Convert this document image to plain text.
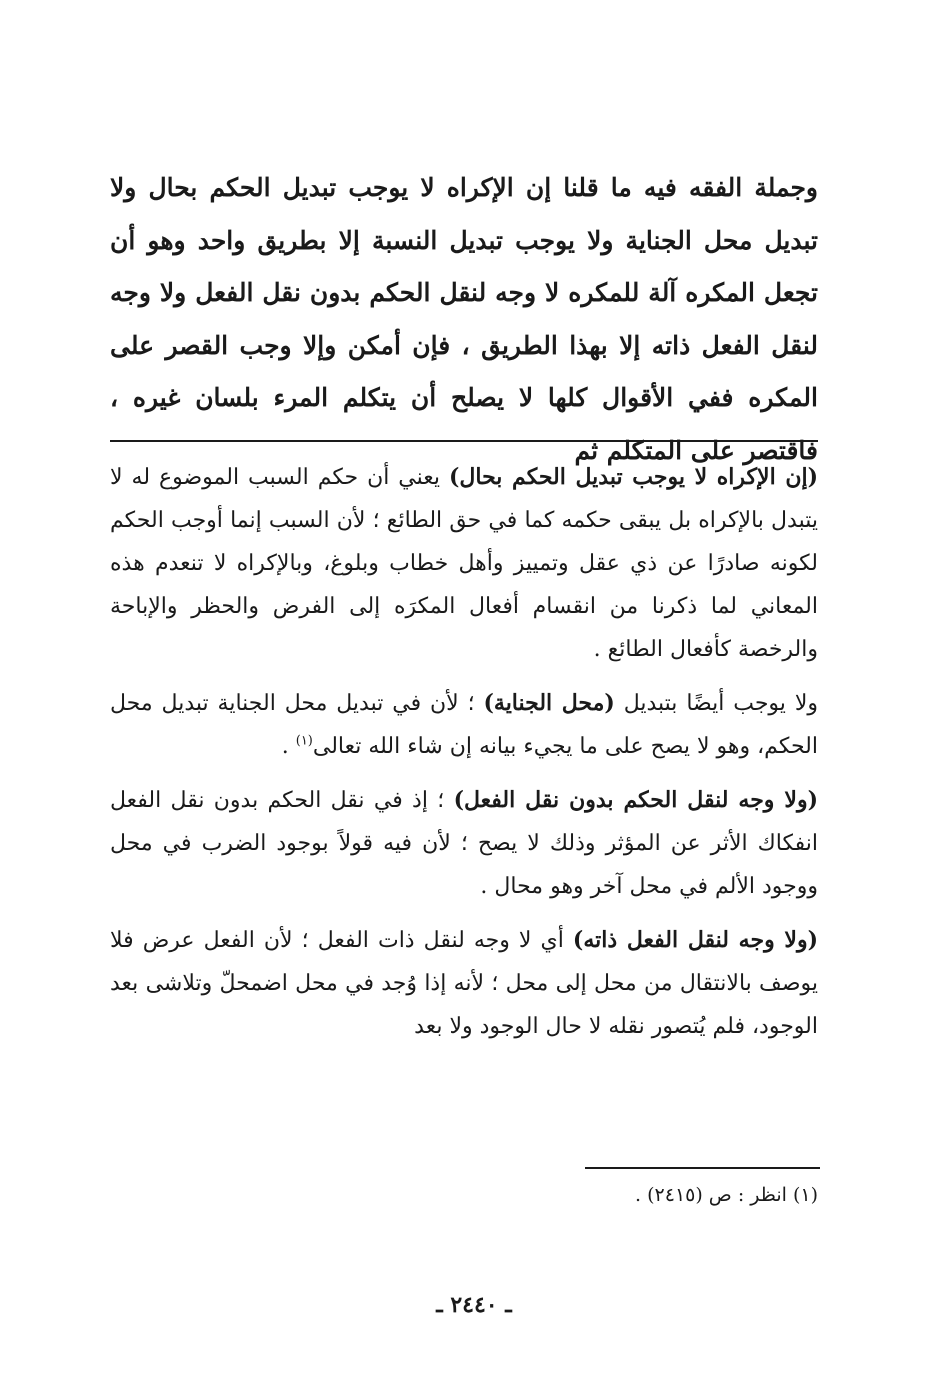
وجملة الفقه فيه ما قلنا إن الإكراه لا يوجب تبديل الحكم بحال ولا تبديل محل الجناية ولا يوجب تبديل النسبة إلا بطريق واحد وهو أن تجعل المكره آلة للمكره لا وجه لنقل الحكم بدون نقل الفعل ولا وجه لنقل الفعل ذاته إلا بهذا الطريق ، فإن أمكن وإلا وجب القصر على المكره ففي الأقوال كلها لا يصلح أن يتكلم المرء بلسان غيره ، فاقتصر على المتكلم ثم

(إن الإكراه لا يوجب تبديل الحكم بحال) يعني أن حكم السبب الموضوع له لا يتبدل بالإكراه بل يبقى حكمه كما في حق الطائع ؛ لأن السبب إنما أوجب الحكم لكونه صادرًا عن ذي عقل وتمييز وأهل خطاب وبلوغ، وبالإكراه لا تنعدم هذه المعاني لما ذكرنا من انقسام أفعال المكرَه إلى الفرض والحظر والإباحة والرخصة كأفعال الطائع .

ولا يوجب أيضًا بتبديل (محل الجناية) ؛ لأن في تبديل محل الجناية تبديل محل الحكم، وهو لا يصح على ما يجيء بيانه إن شاء الله تعالى$^{(١)}$ .

(ولا وجه لنقل الحكم بدون نقل الفعل) ؛ إذ في نقل الحكم بدون نقل الفعل انفكاك الأثر عن المؤثر وذلك لا يصح ؛ لأن فيه قولاً بوجود الضرب في محل ووجود الألم في محل آخر وهو محال .

(ولا وجه لنقل الفعل ذاته) أي لا وجه لنقل ذات الفعل ؛ لأن الفعل عرض فلا يوصف بالانتقال من محل إلى محل ؛ لأنه إذا وُجد في محل اضمحلّ وتلاشى بعد الوجود، فلم يُتصور نقله لا حال الوجود ولا بعد

(١) انظر : ص (٢٤١٥) .
ـ ٢٤٤٠ ـ
